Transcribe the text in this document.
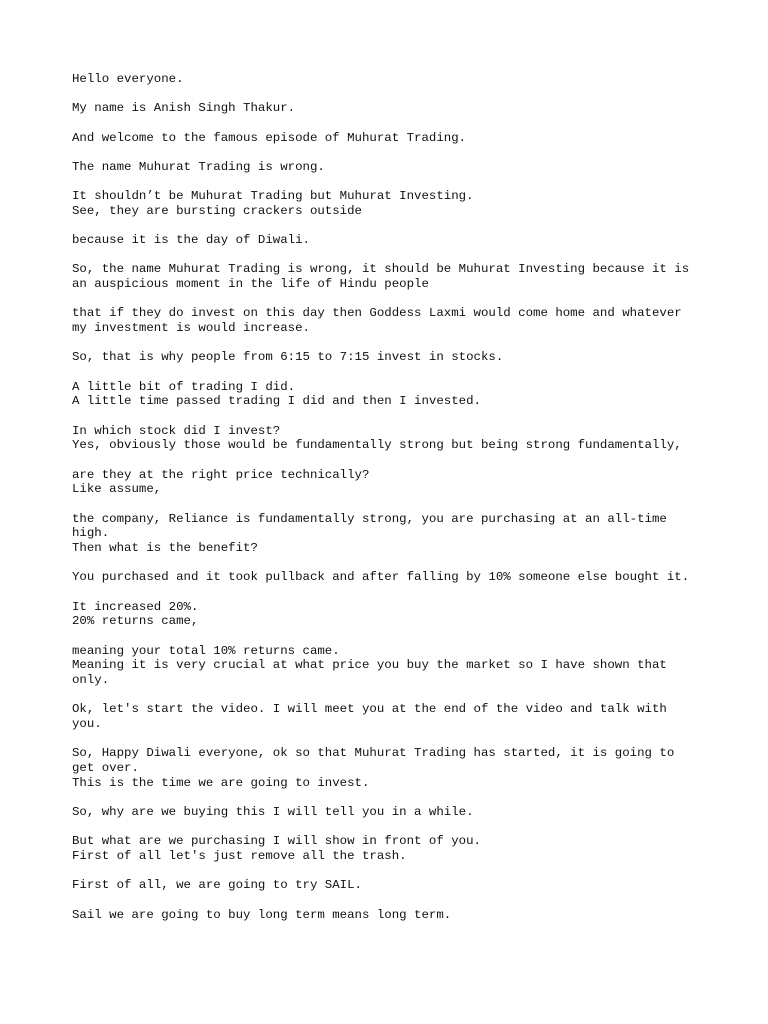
Hello everyone.
My name is Anish Singh Thakur.
And welcome to the famous episode of Muhurat Trading.
The name Muhurat Trading is wrong.
It shouldn’t be Muhurat Trading but Muhurat Investing.
See, they are bursting crackers outside
because it is the day of Diwali.
So, the name Muhurat Trading is wrong, it should be Muhurat Investing because it is
an auspicious moment in the life of Hindu people
that if they do invest on this day then Goddess Laxmi would come home and whatever
my investment is would increase.
So, that is why people from 6:15 to 7:15 invest in stocks.
A little bit of trading I did.
A little time passed trading I did and then I invested.
In which stock did I invest?
Yes, obviously those would be fundamentally strong but being strong fundamentally,
are they at the right price technically?
Like assume,
the company, Reliance is fundamentally strong, you are purchasing at an all-time
high.
Then what is the benefit?
You purchased and it took pullback and after falling by 10% someone else bought it.
It increased 20%.
20% returns came,
meaning your total 10% returns came.
Meaning it is very crucial at what price you buy the market so I have shown that
only.
Ok, let's start the video. I will meet you at the end of the video and talk with
you.
So, Happy Diwali everyone, ok so that Muhurat Trading has started, it is going to
get over.
This is the time we are going to invest.
So, why are we buying this I will tell you in a while.
But what are we purchasing I will show in front of you.
First of all let's just remove all the trash.
First of all, we are going to try SAIL.
Sail we are going to buy long term means long term.
